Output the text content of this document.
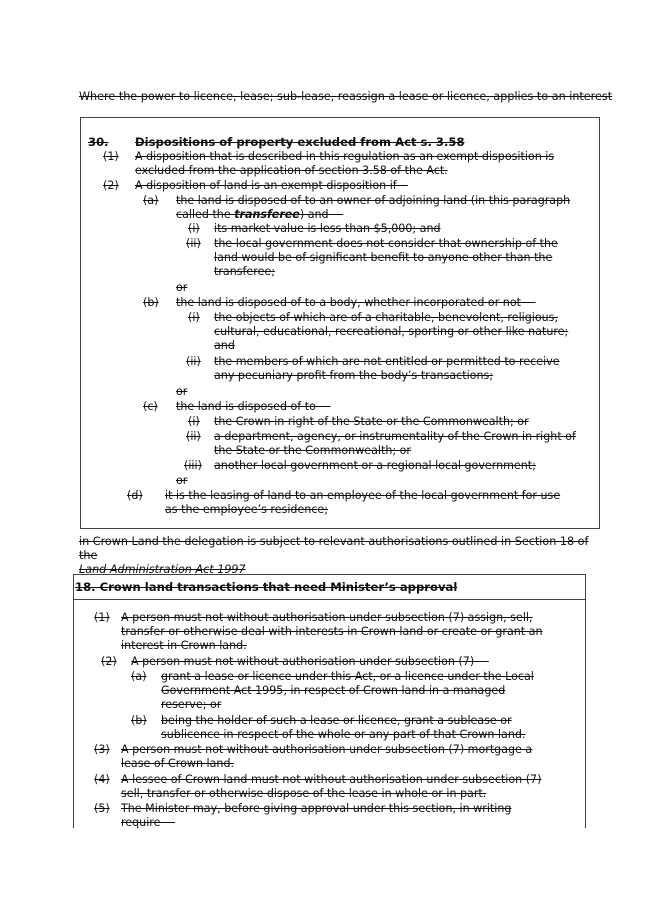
Where the power to licence, lease; sub-lease, reassign a lease or licence, applies to an interest
30. Dispositions of property excluded from Act s. 3.58
(1) A disposition that is described in this regulation as an exempt disposition is
excluded from the application of section 3.58 of the Act.
(2) A disposition of land is an exempt disposition if—
(a) the land is disposed of to an owner of adjoining land (in this paragraph
called the transferee) and —
(i) its market value is less than $5,000; and
(ii) the local government does not consider that ownership of the
land would be of significant benefit to anyone other than the
transferee;
or
(b) the land is disposed of to a body, whether incorporated or not —
(i) the objects of which are of a charitable, benevolent, religious,
cultural, educational, recreational, sporting or other like nature;
and
(ii) the members of which are not entitled or permitted to receive
any pecuniary profit from the body’s transactions;
or
(c) the land is disposed of to —
(i) the Crown in right of the State or the Commonwealth; or
(ii) a department, agency, or instrumentality of the Crown in right of
the State or the Commonwealth; or
(iii) another local government or a regional local government;
or
(d) it is the leasing of land to an employee of the local government for use
as the employee’s residence;
in Crown Land the delegation is subject to relevant authorisations outlined in Section 18 of the
Land Administration Act 1997
18. Crown land transactions that need Minister’s approval
(1) A person must not without authorisation under subsection (7) assign, sell,
transfer or otherwise deal with interests in Crown land or create or grant an
interest in Crown land.
(2) A person must not without authorisation under subsection (7) —
(a) grant a lease or licence under this Act, or a licence under the Local
Government Act 1995, in respect of Crown land in a managed
reserve; or
(b) being the holder of such a lease or licence, grant a sublease or
sublicence in respect of the whole or any part of that Crown land.
(3) A person must not without authorisation under subsection (7) mortgage a
lease of Crown land.
(4) A lessee of Crown land must not without authorisation under subsection (7)
sell, transfer or otherwise dispose of the lease in whole or in part.
(5) The Minister may, before giving approval under this section, in writing
require —
